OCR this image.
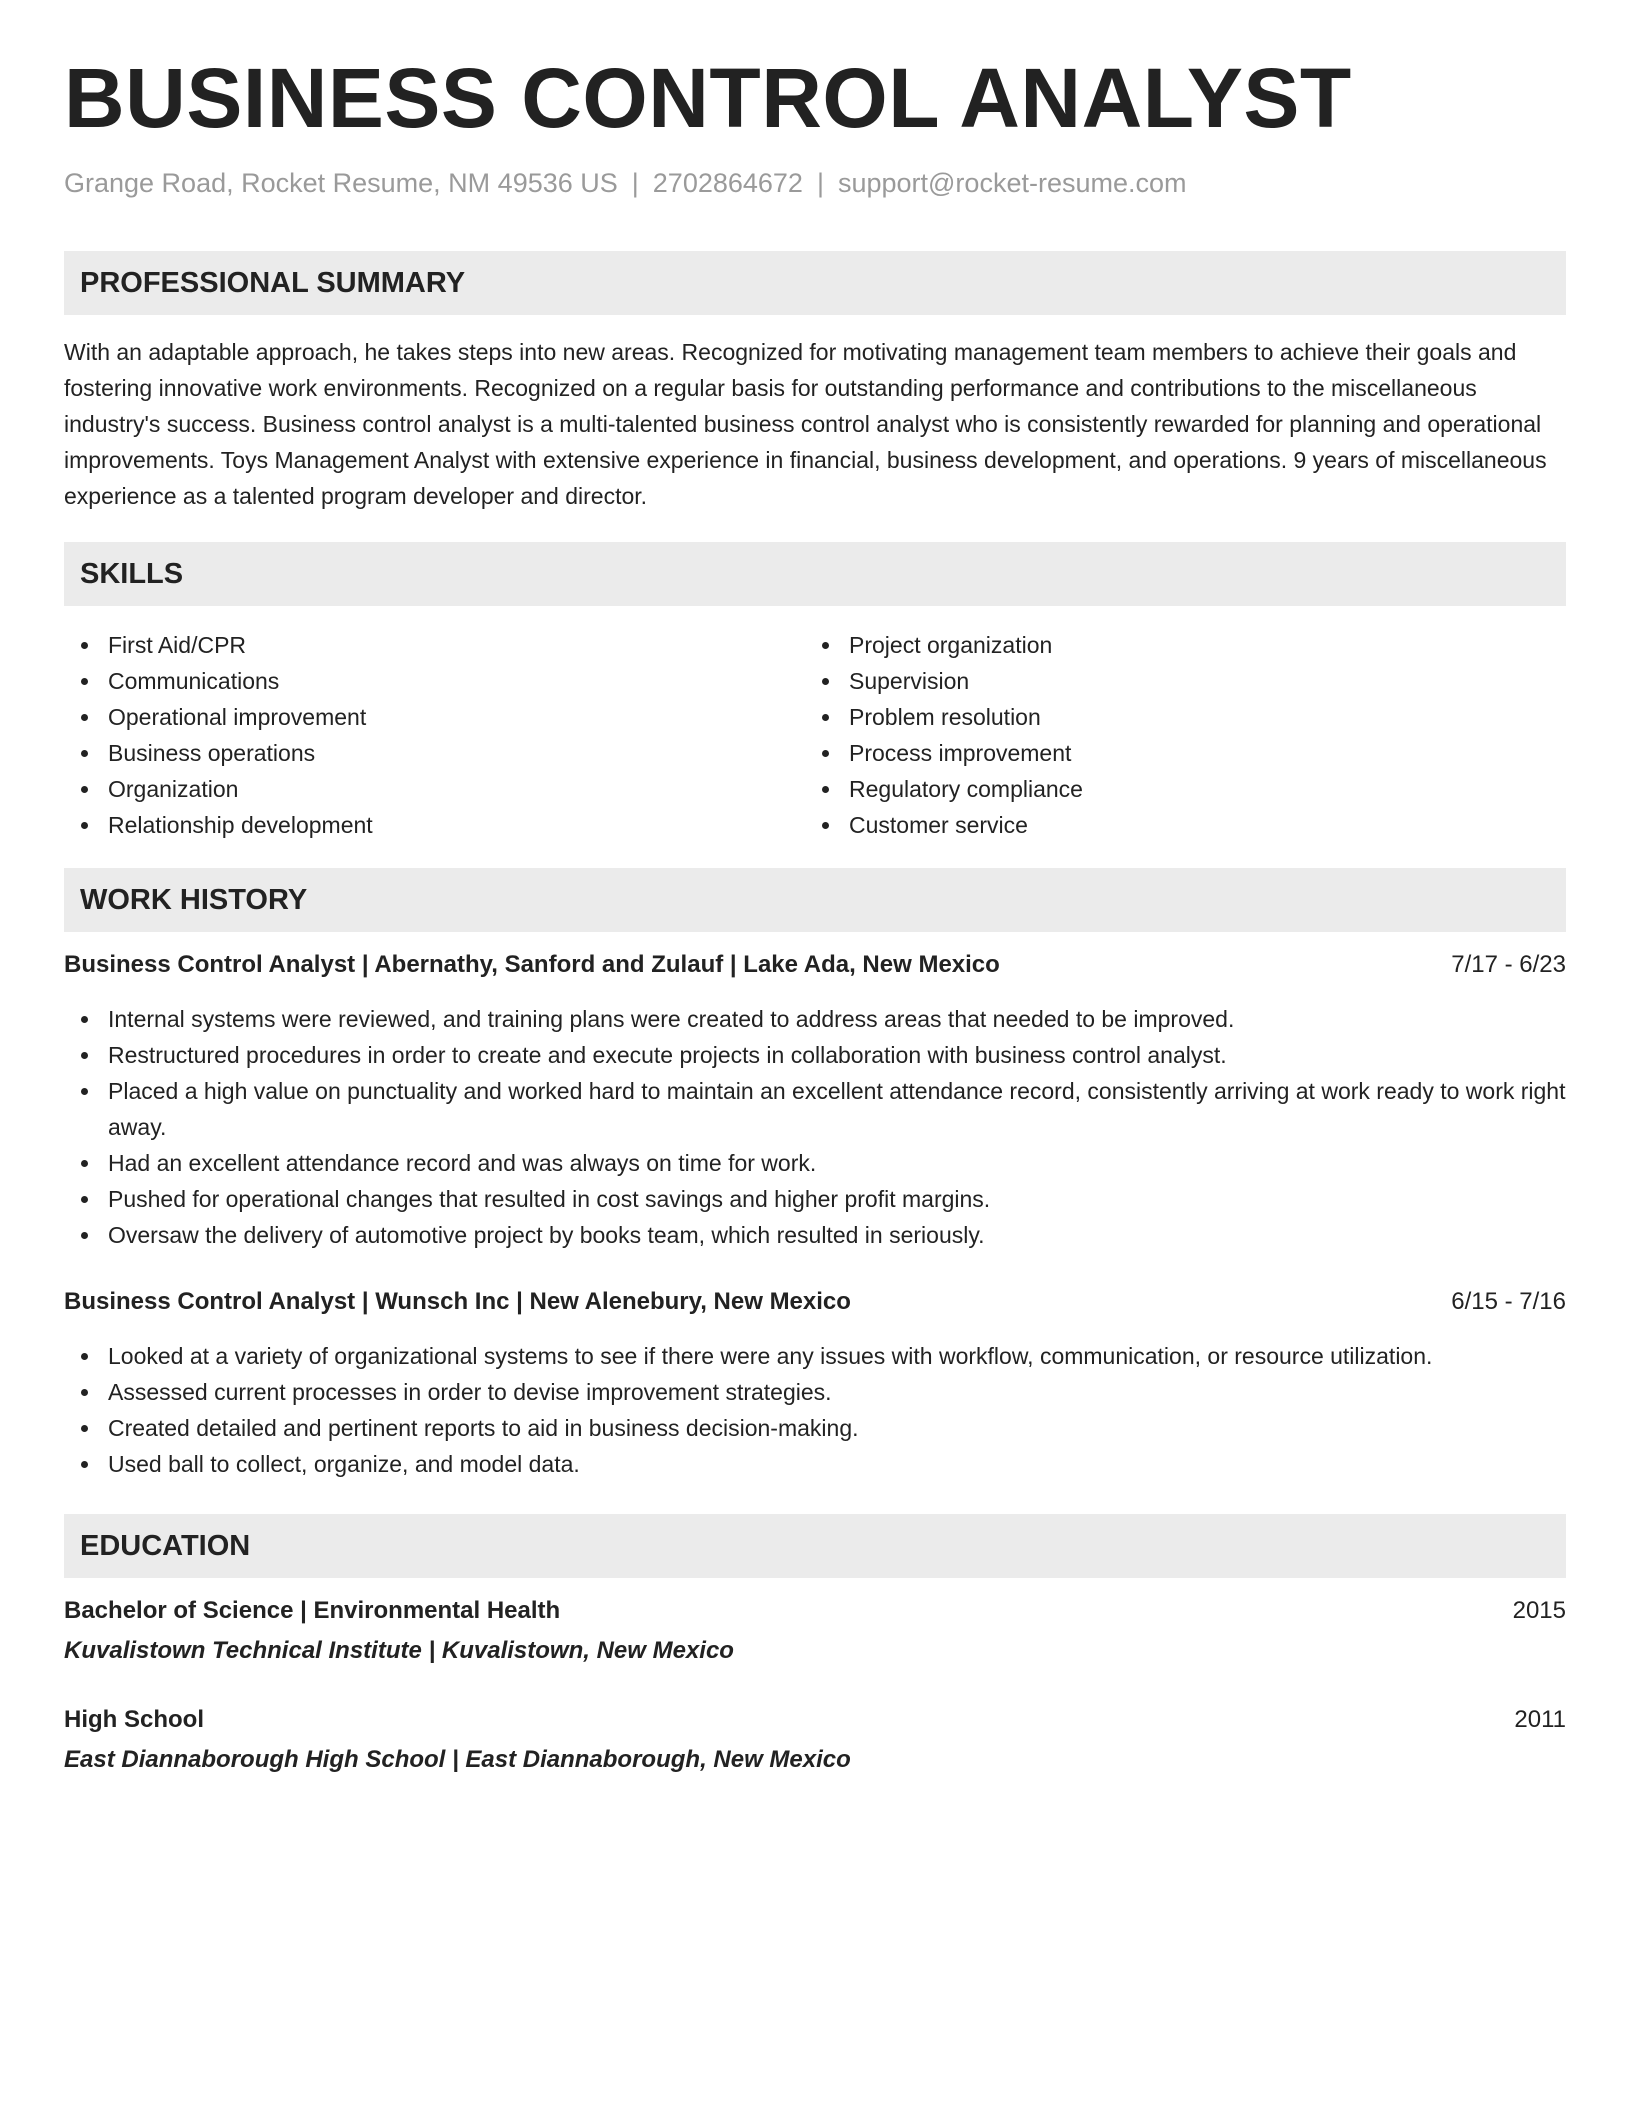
BUSINESS CONTROL ANALYST
Grange Road, Rocket Resume, NM 49536 US | 2702864672 | support@rocket-resume.com
PROFESSIONAL SUMMARY

With an adaptable approach, he takes steps into new areas. Recognized for motivating management team members to achieve their goals and fostering innovative work environments. Recognized on a regular basis for outstanding performance and contributions to the miscellaneous industry's success. Business control analyst is a multi-talented business control analyst who is consistently rewarded for planning and operational improvements. Toys Management Analyst with extensive experience in financial, business development, and operations. 9 years of miscellaneous experience as a talented program developer and director.

SKILLS
First Aid/CPR
Communications
Operational improvement
Business operations
Organization
Relationship development
Project organization
Supervision
Problem resolution
Process improvement
Regulatory compliance
Customer service
WORK HISTORY
Business Control Analyst | Abernathy, Sanford and Zulauf | Lake Ada, New Mexico	7/17 - 6/23
Internal systems were reviewed, and training plans were created to address areas that needed to be improved.
Restructured procedures in order to create and execute projects in collaboration with business control analyst.
Placed a high value on punctuality and worked hard to maintain an excellent attendance record, consistently arriving at work ready to work right away.
Had an excellent attendance record and was always on time for work.
Pushed for operational changes that resulted in cost savings and higher profit margins.
Oversaw the delivery of automotive project by books team, which resulted in seriously.
Business Control Analyst | Wunsch Inc | New Alenebury, New Mexico	6/15 - 7/16
Looked at a variety of organizational systems to see if there were any issues with workflow, communication, or resource utilization.
Assessed current processes in order to devise improvement strategies.
Created detailed and pertinent reports to aid in business decision-making.
Used ball to collect, organize, and model data.
EDUCATION
Bachelor of Science | Environmental Health	2015
Kuvalistown Technical Institute | Kuvalistown, New Mexico
High School	2011
East Diannaborough High School | East Diannaborough, New Mexico
